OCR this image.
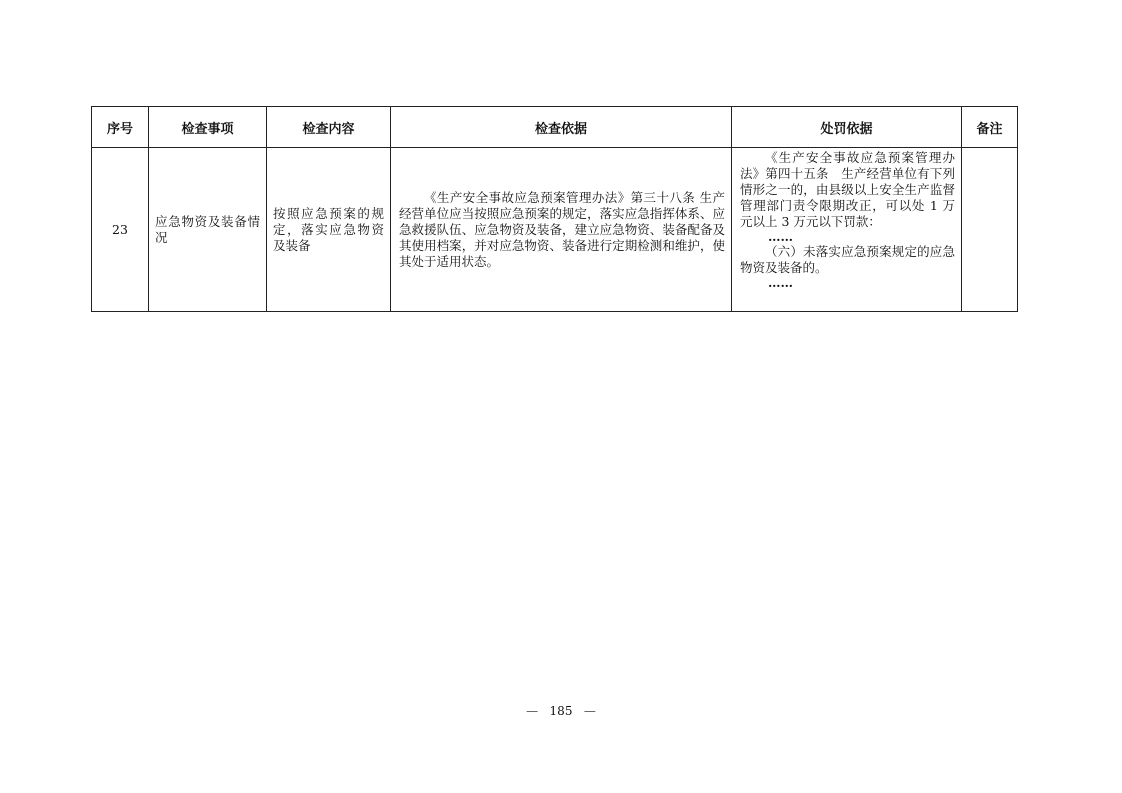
序号	检查事项	检查内容	检查依据	处罚依据	备注
23	应急物资及装备情况	按照应急预案的规定，落实应急物资及装备	《生产安全事故应急预案管理办法》第三十八条 生产经营单位应当按照应急预案的规定，落实应急指挥体系、应急救援队伍、应急物资及装备，建立应急物资、装备配备及其使用档案，并对应急物资、装备进行定期检测和维护，使其处于适用状态。	《生产安全事故应急预案管理办法》第四十五条　生产经营单位有下列情形之一的，由县级以上安全生产监督管理部门责令限期改正，可以处 1 万元以上 3 万元以下罚款：

……

（六）未落实应急预案规定的应急物资及装备的。

……	

— 185 —
